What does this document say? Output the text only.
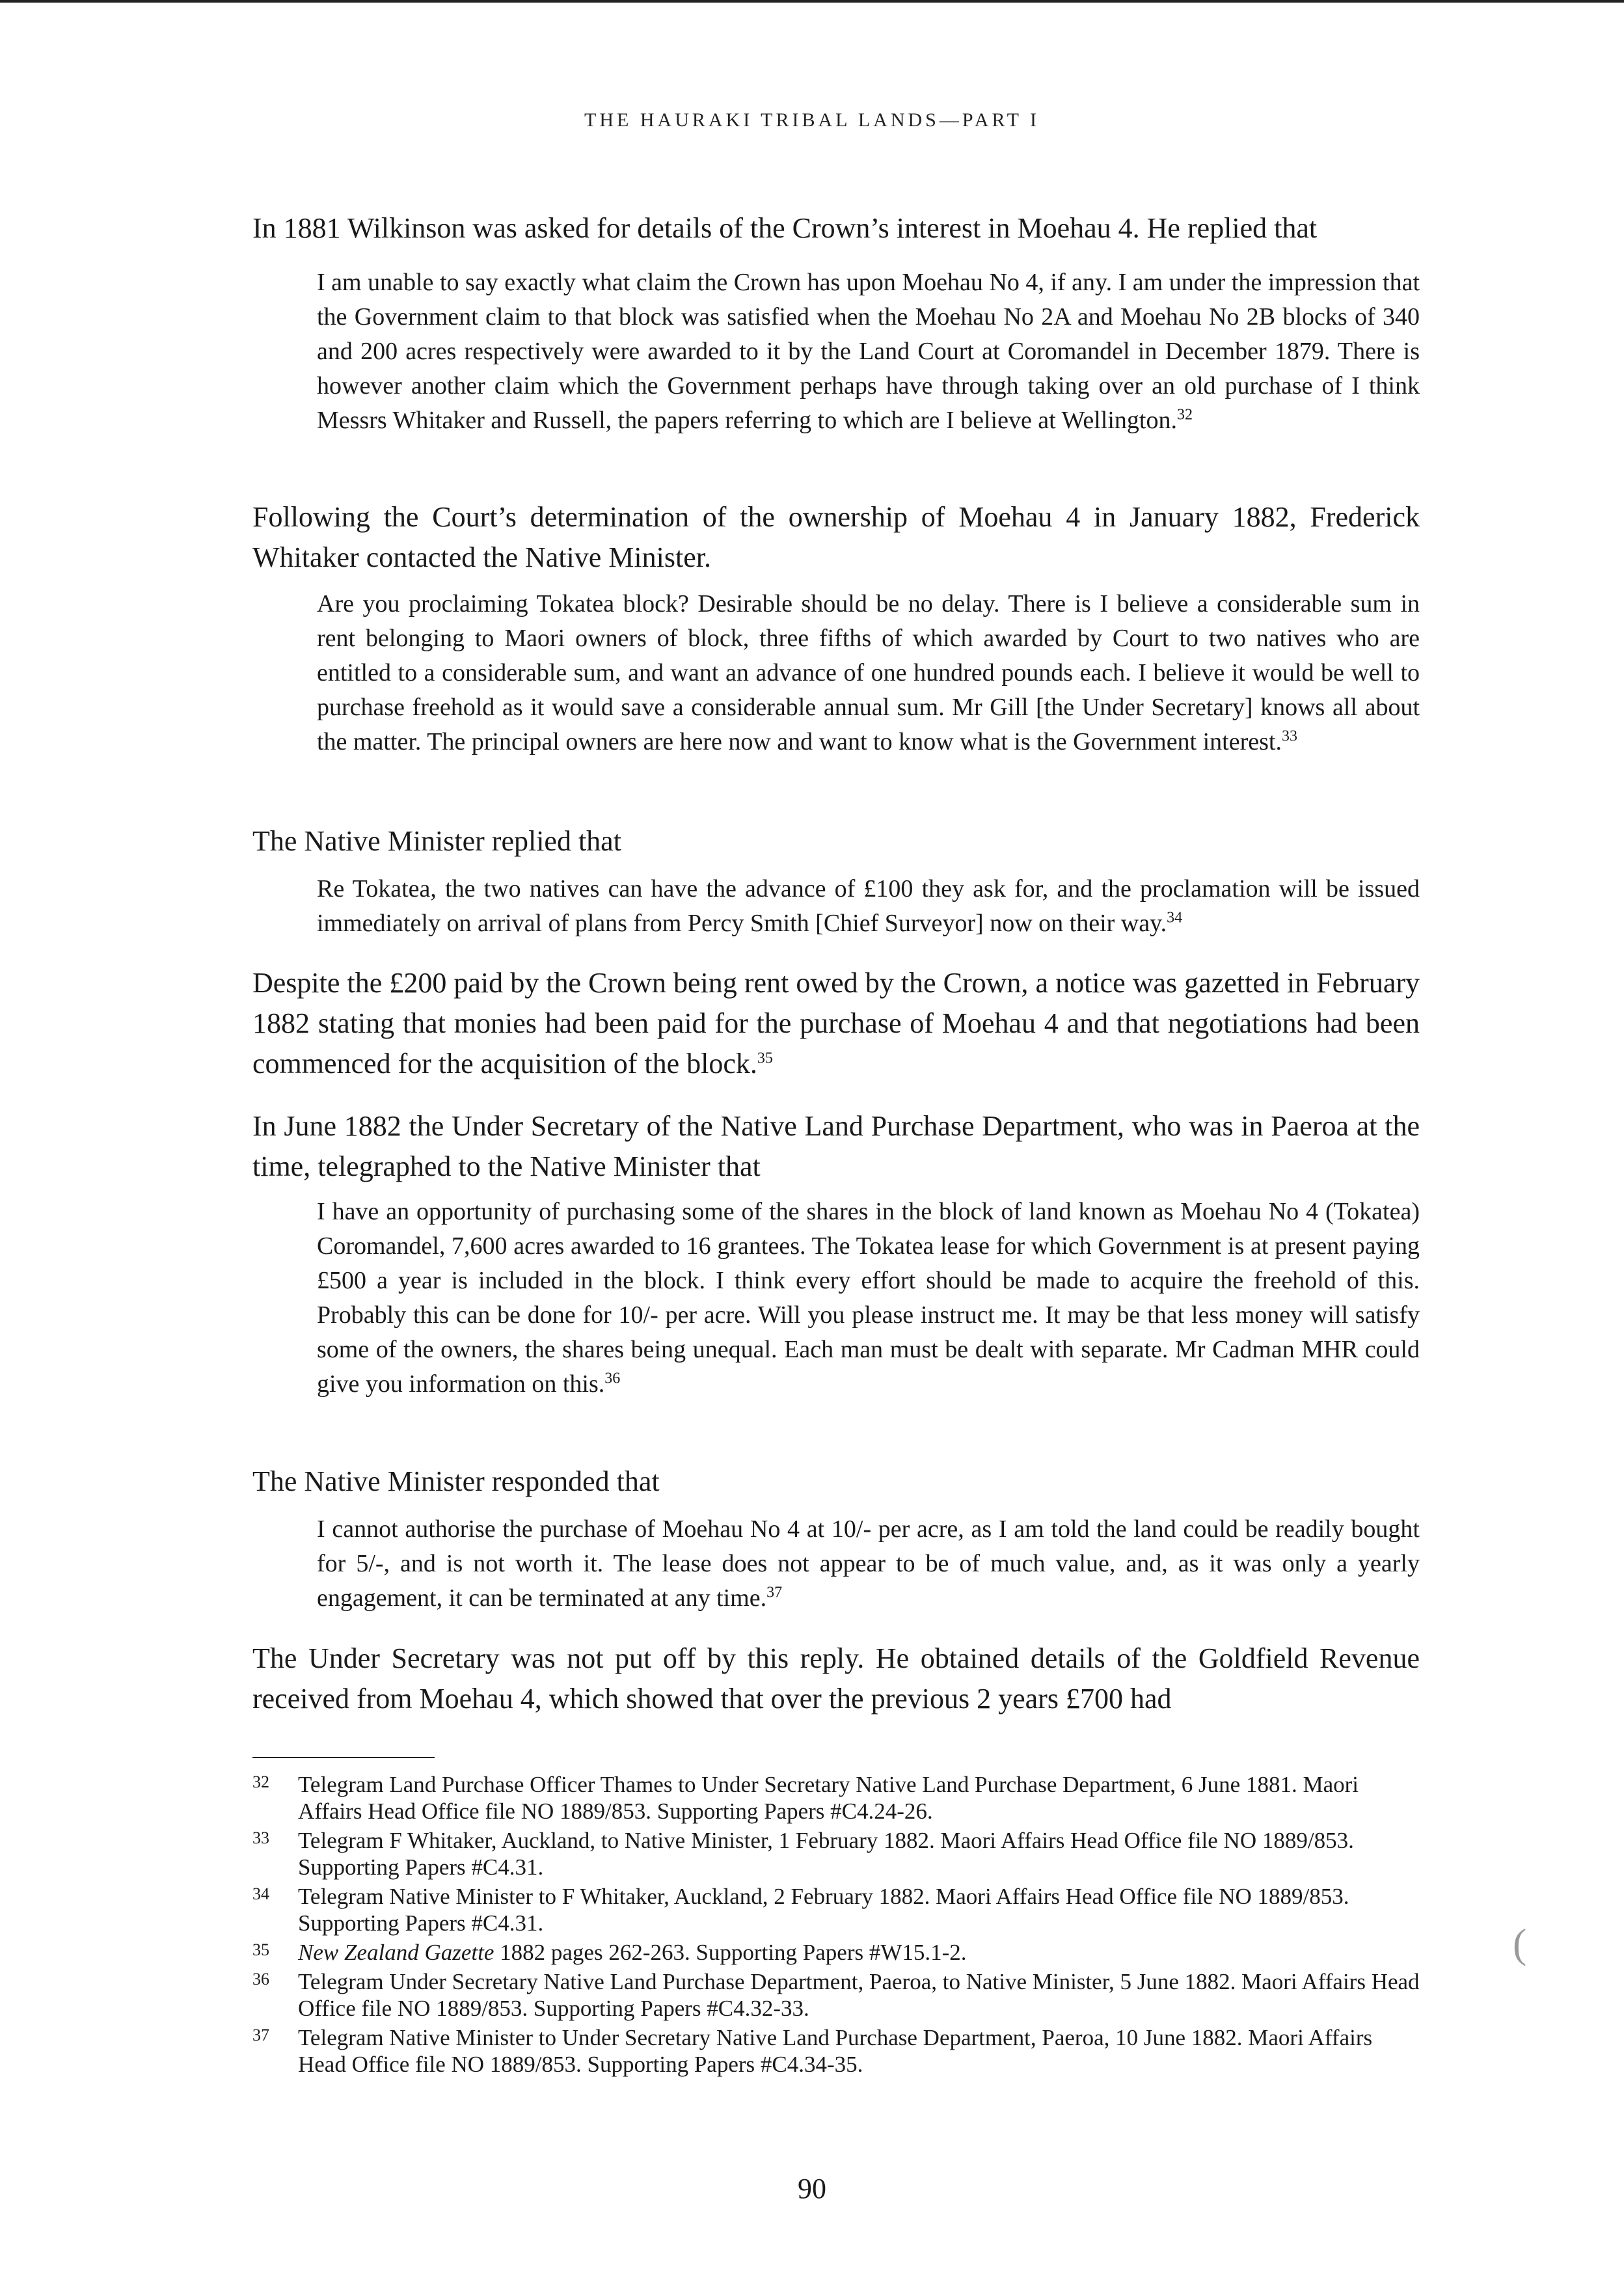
THE HAURAKI TRIBAL LANDS—PART I

In 1881 Wilkinson was asked for details of the Crown’s interest in Moehau 4. He replied that

I am unable to say exactly what claim the Crown has upon Moehau No 4, if any. I am under the impression that the Government claim to that block was satisfied when the Moehau No 2A and Moehau No 2B blocks of 340 and 200 acres respectively were awarded to it by the Land Court at Coromandel in December 1879. There is however another claim which the Government perhaps have through taking over an old purchase of I think Messrs Whitaker and Russell, the papers referring to which are I believe at Wellington.$^{32}$

Following the Court’s determination of the ownership of Moehau 4 in January 1882, Frederick Whitaker contacted the Native Minister.

Are you proclaiming Tokatea block? Desirable should be no delay. There is I believe a considerable sum in rent belonging to Maori owners of block, three fifths of which awarded by Court to two natives who are entitled to a considerable sum, and want an advance of one hundred pounds each. I believe it would be well to purchase freehold as it would save a considerable annual sum. Mr Gill [the Under Secretary] knows all about the matter. The principal owners are here now and want to know what is the Government interest.$^{33}$

The Native Minister replied that

Re Tokatea, the two natives can have the advance of £100 they ask for, and the proclamation will be issued immediately on arrival of plans from Percy Smith [Chief Surveyor] now on their way.$^{34}$

Despite the £200 paid by the Crown being rent owed by the Crown, a notice was gazetted in February 1882 stating that monies had been paid for the purchase of Moehau 4 and that negotiations had been commenced for the acquisition of the block.$^{35}$

In June 1882 the Under Secretary of the Native Land Purchase Department, who was in Paeroa at the time, telegraphed to the Native Minister that

I have an opportunity of purchasing some of the shares in the block of land known as Moehau No 4 (Tokatea) Coromandel, 7,600 acres awarded to 16 grantees. The Tokatea lease for which Government is at present paying £500 a year is included in the block. I think every effort should be made to acquire the freehold of this. Probably this can be done for 10/- per acre. Will you please instruct me. It may be that less money will satisfy some of the owners, the shares being unequal. Each man must be dealt with separate. Mr Cadman MHR could give you information on this.$^{36}$

The Native Minister responded that

I cannot authorise the purchase of Moehau No 4 at 10/- per acre, as I am told the land could be readily bought for 5/-, and is not worth it. The lease does not appear to be of much value, and, as it was only a yearly engagement, it can be terminated at any time.$^{37}$

The Under Secretary was not put off by this reply. He obtained details of the Goldfield Revenue received from Moehau 4, which showed that over the previous 2 years £700 had

32 Telegram Land Purchase Officer Thames to Under Secretary Native Land Purchase Department, 6 June 1881. Maori Affairs Head Office file NO 1889/853. Supporting Papers #C4.24-26.
33 Telegram F Whitaker, Auckland, to Native Minister, 1 February 1882. Maori Affairs Head Office file NO 1889/853. Supporting Papers #C4.31.
34 Telegram Native Minister to F Whitaker, Auckland, 2 February 1882. Maori Affairs Head Office file NO 1889/853. Supporting Papers #C4.31.
35 New Zealand Gazette 1882 pages 262-263. Supporting Papers #W15.1-2.
36 Telegram Under Secretary Native Land Purchase Department, Paeroa, to Native Minister, 5 June 1882. Maori Affairs Head Office file NO 1889/853. Supporting Papers #C4.32-33.
37 Telegram Native Minister to Under Secretary Native Land Purchase Department, Paeroa, 10 June 1882. Maori Affairs Head Office file NO 1889/853. Supporting Papers #C4.34-35.
(
90
